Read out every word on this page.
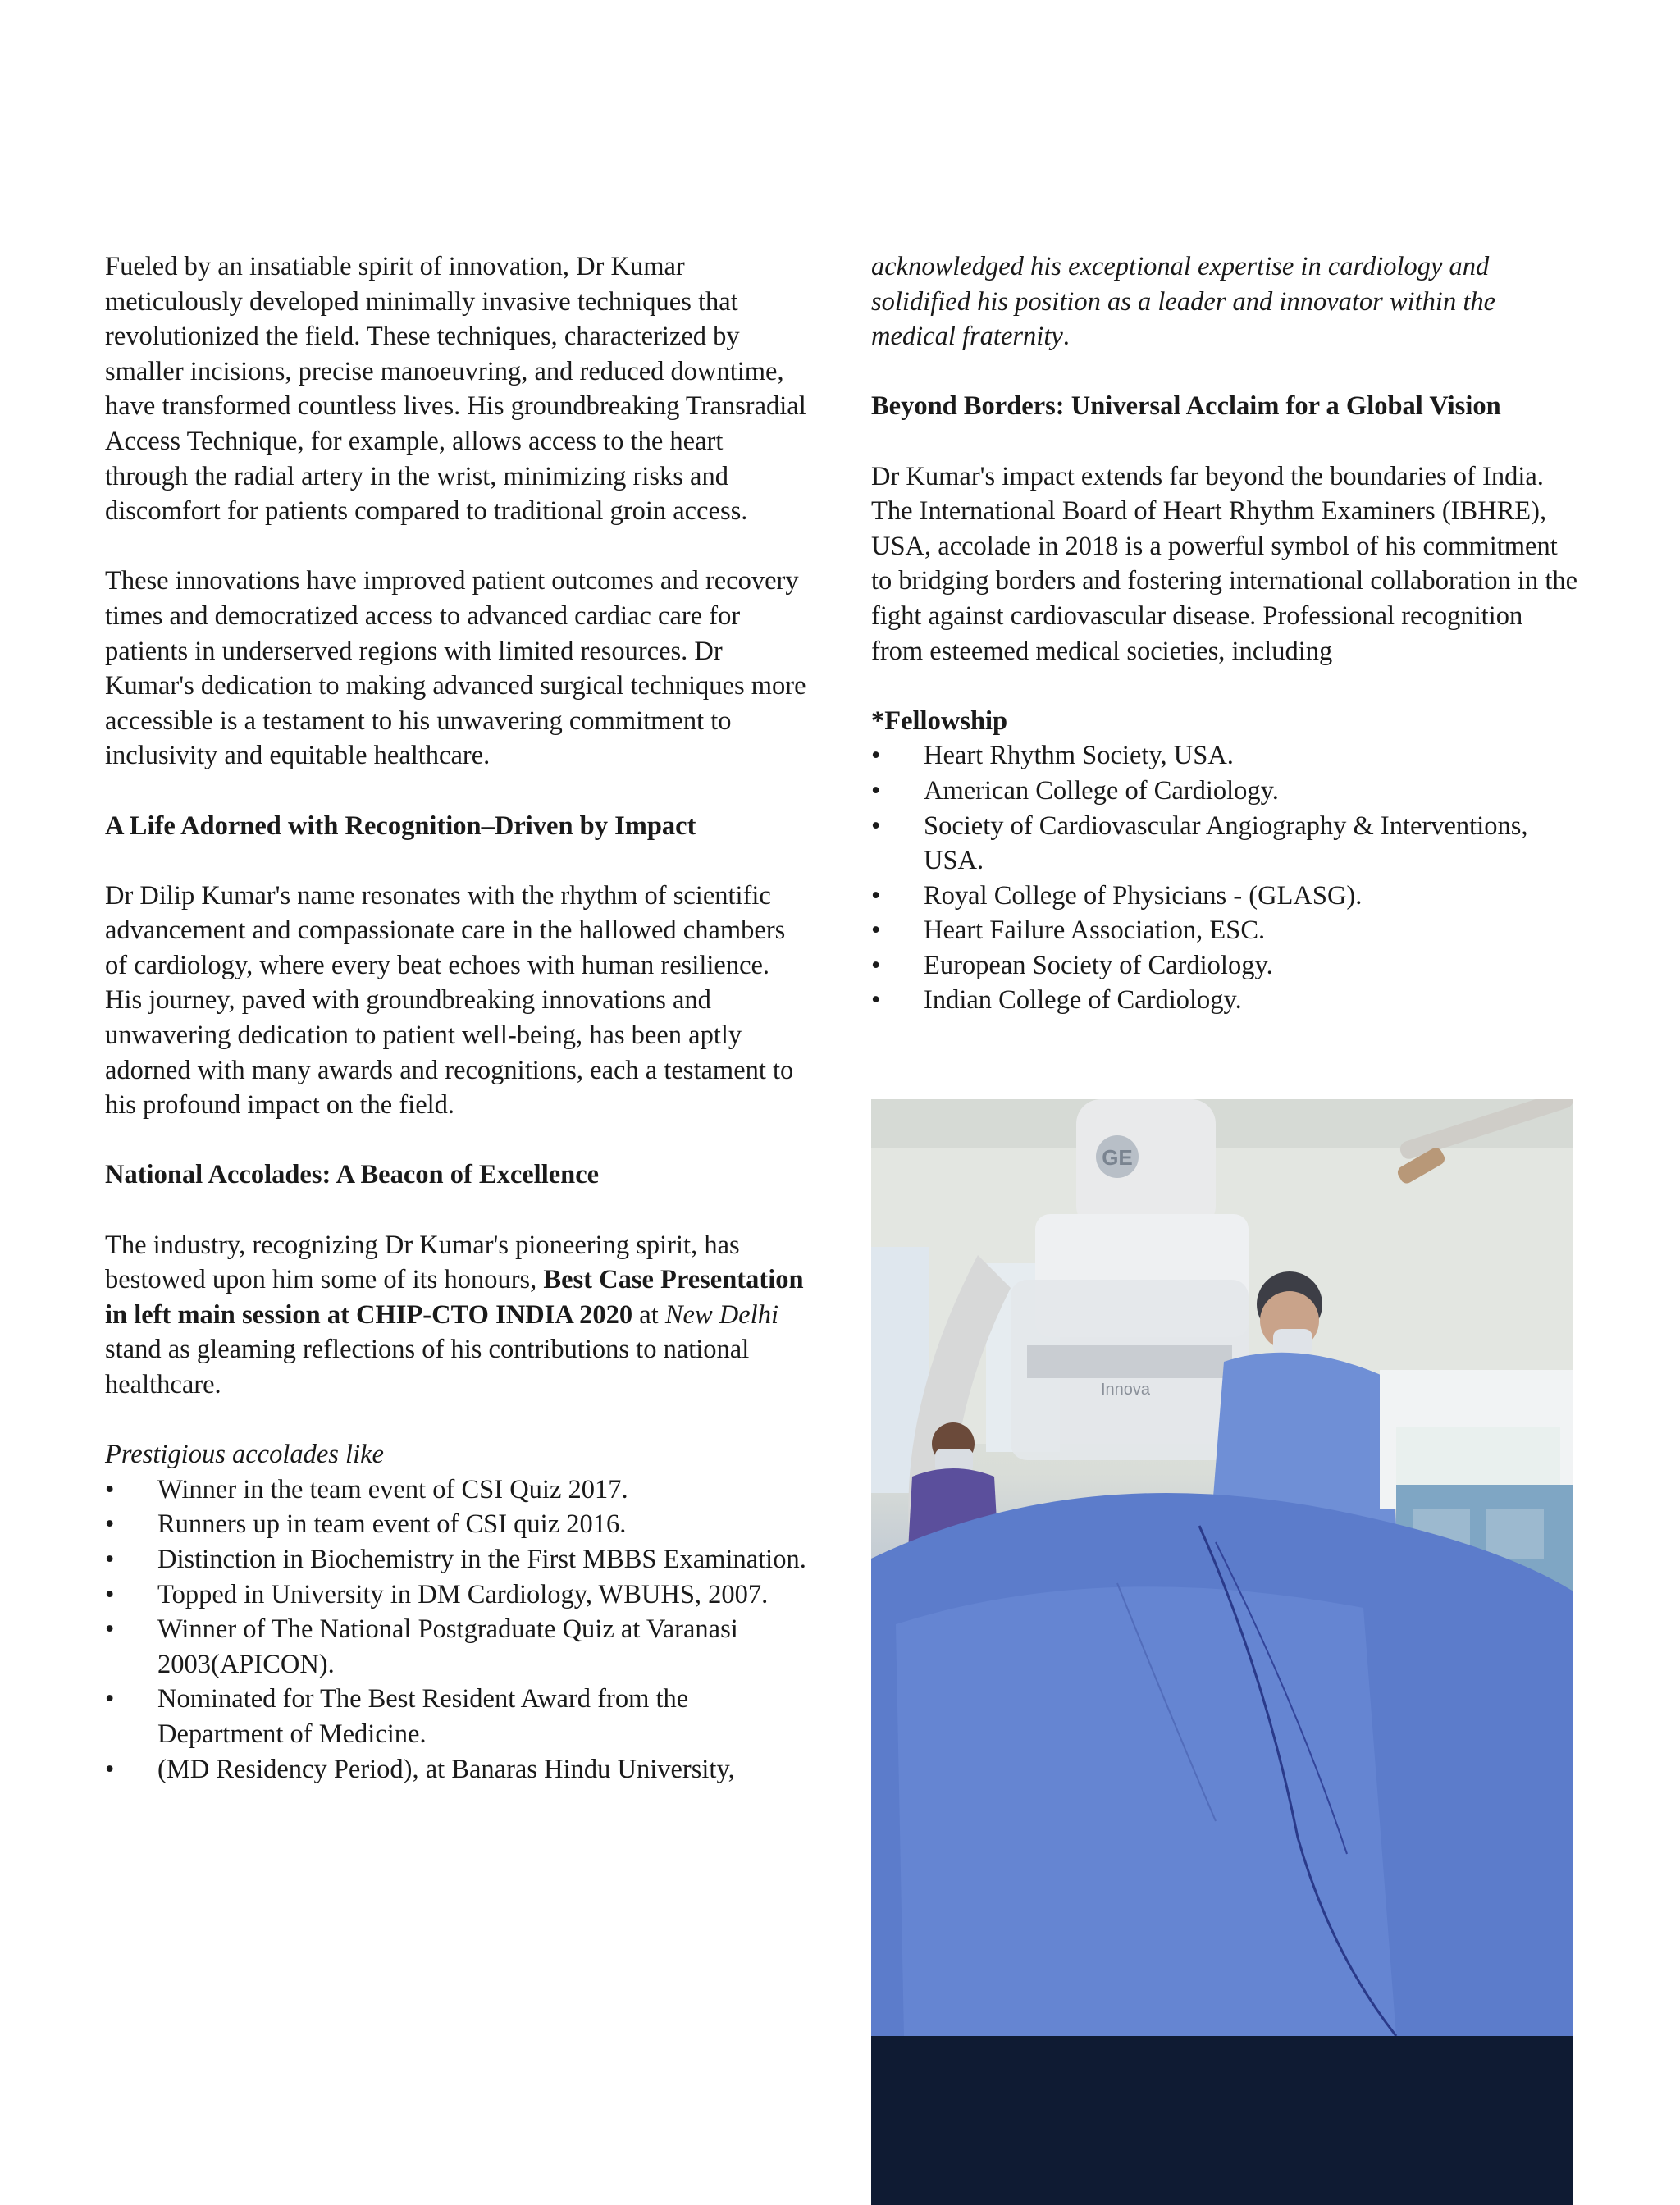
Fueled by an insatiable spirit of innovation, Dr Kumar meticulously developed minimally invasive techniques that revolutionized the field. These techniques, characterized by smaller incisions, precise manoeuvring, and reduced downtime, have transformed countless lives. His groundbreaking Transradial Access Technique, for example, allows access to the heart through the radial artery in the wrist, minimizing risks and discomfort for patients compared to traditional groin access.

These innovations have improved patient outcomes and recovery times and democratized access to advanced cardiac care for patients in underserved regions with limited resources. Dr Kumar's dedication to making advanced surgical techniques more accessible is a testament to his unwavering commitment to inclusivity and equitable healthcare.

A Life Adorned with Recognition–Driven by Impact

Dr Dilip Kumar's name resonates with the rhythm of scientific advancement and compassionate care in the hallowed chambers of cardiology, where every beat echoes with human resilience. His journey, paved with groundbreaking innovations and unwavering dedication to patient well-being, has been aptly adorned with many awards and recognitions, each a testament to his profound impact on the field.

National Accolades: A Beacon of Excellence

The industry, recognizing Dr Kumar's pioneering spirit, has bestowed upon him some of its honours, Best Case Presentation in left main session at CHIP-CTO INDIA 2020 at New Delhi stand as gleaming reflections of his contributions to national healthcare.

Prestigious accolades like

• Winner in the team event of CSI Quiz 2017.
• Runners up in team event of CSI quiz 2016.
• Distinction in Biochemistry in the First MBBS Examination.
• Topped in University in DM Cardiology, WBUHS, 2007.
• Winner of The National Postgraduate Quiz at Varanasi 2003(APICON).
• Nominated for The Best Resident Award from the Department of Medicine.
• (MD Residency Period), at Banaras Hindu University,

acknowledged his exceptional expertise in cardiology and solidified his position as a leader and innovator within the medical fraternity.

Beyond Borders: Universal Acclaim for a Global Vision

Dr Kumar's impact extends far beyond the boundaries of India. The International Board of Heart Rhythm Examiners (IBHRE), USA, accolade in 2018 is a powerful symbol of his commitment to bridging borders and fostering international collaboration in the fight against cardiovascular disease. Professional recognition from esteemed medical societies, including

*Fellowship
• Heart Rhythm Society, USA.
• American College of Cardiology.
• Society of Cardiovascular Angiography & Interventions, USA.
• Royal College of Physicians - (GLASG).
• Heart Failure Association, ESC.
• European Society of Cardiology.
• Indian College of Cardiology.
GE
Innova
